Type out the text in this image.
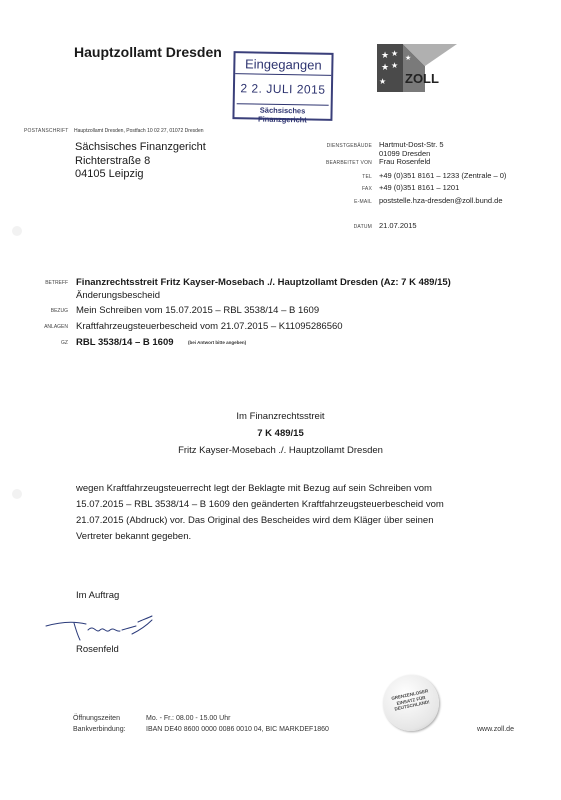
Hauptzollamt Dresden
Eingegangen
2 2. JULI 2015
Sächsisches Finanzgericht
★ ★
★ ★
★
★ ZOLL
POSTANSCHRIFT Hauptzollamt Dresden, Postfach 10 02 27, 01072 Dresden
Sächsisches Finanzgericht
Richterstraße 8
04105 Leipzig
DIENSTGEBÄUDE Hartmut-Dost-Str. 5
01099 Dresden
BEARBEITET VON Frau Rosenfeld
TEL +49 (0)351 8161 – 1233 (Zentrale – 0)
FAX +49 (0)351 8161 – 1201
E-MAIL poststelle.hza-dresden@zoll.bund.de
DATUM 21.07.2015
BETREFF Finanzrechtsstreit Fritz Kayser-Mosebach ./. Hauptzollamt Dresden (Az: 7 K 489/15)
Änderungsbescheid
BEZUG Mein Schreiben vom 15.07.2015 – RBL 3538/14 – B 1609
ANLAGEN Kraftfahrzeugsteuerbescheid vom 21.07.2015 – K11095286560
GZ RBL 3538/14 – B 1609	(bei Antwort bitte angeben)
Im Finanzrechtsstreit
7 K 489/15
Fritz Kayser-Mosebach ./. Hauptzollamt Dresden
wegen Kraftfahrzeugsteuerrecht legt der Beklagte mit Bezug auf sein Schreiben vom
15.07.2015 – RBL 3538/14 – B 1609 den geänderten Kraftfahrzeugsteuerbescheid vom
21.07.2015 (Abdruck) vor. Das Original des Bescheides wird dem Kläger über seinen
Vertreter bekannt gegeben.
Im Auftrag
Rosenfeld
GRENZENLOSER EINSATZ FÜR DEUTSCHLAND!
Öffnungszeiten	Mo. - Fr.: 08.00 - 15.00 Uhr
Bankverbindung:	IBAN DE40 8600 0000 0086 0010 04, BIC MARKDEF1860	www.zoll.de
